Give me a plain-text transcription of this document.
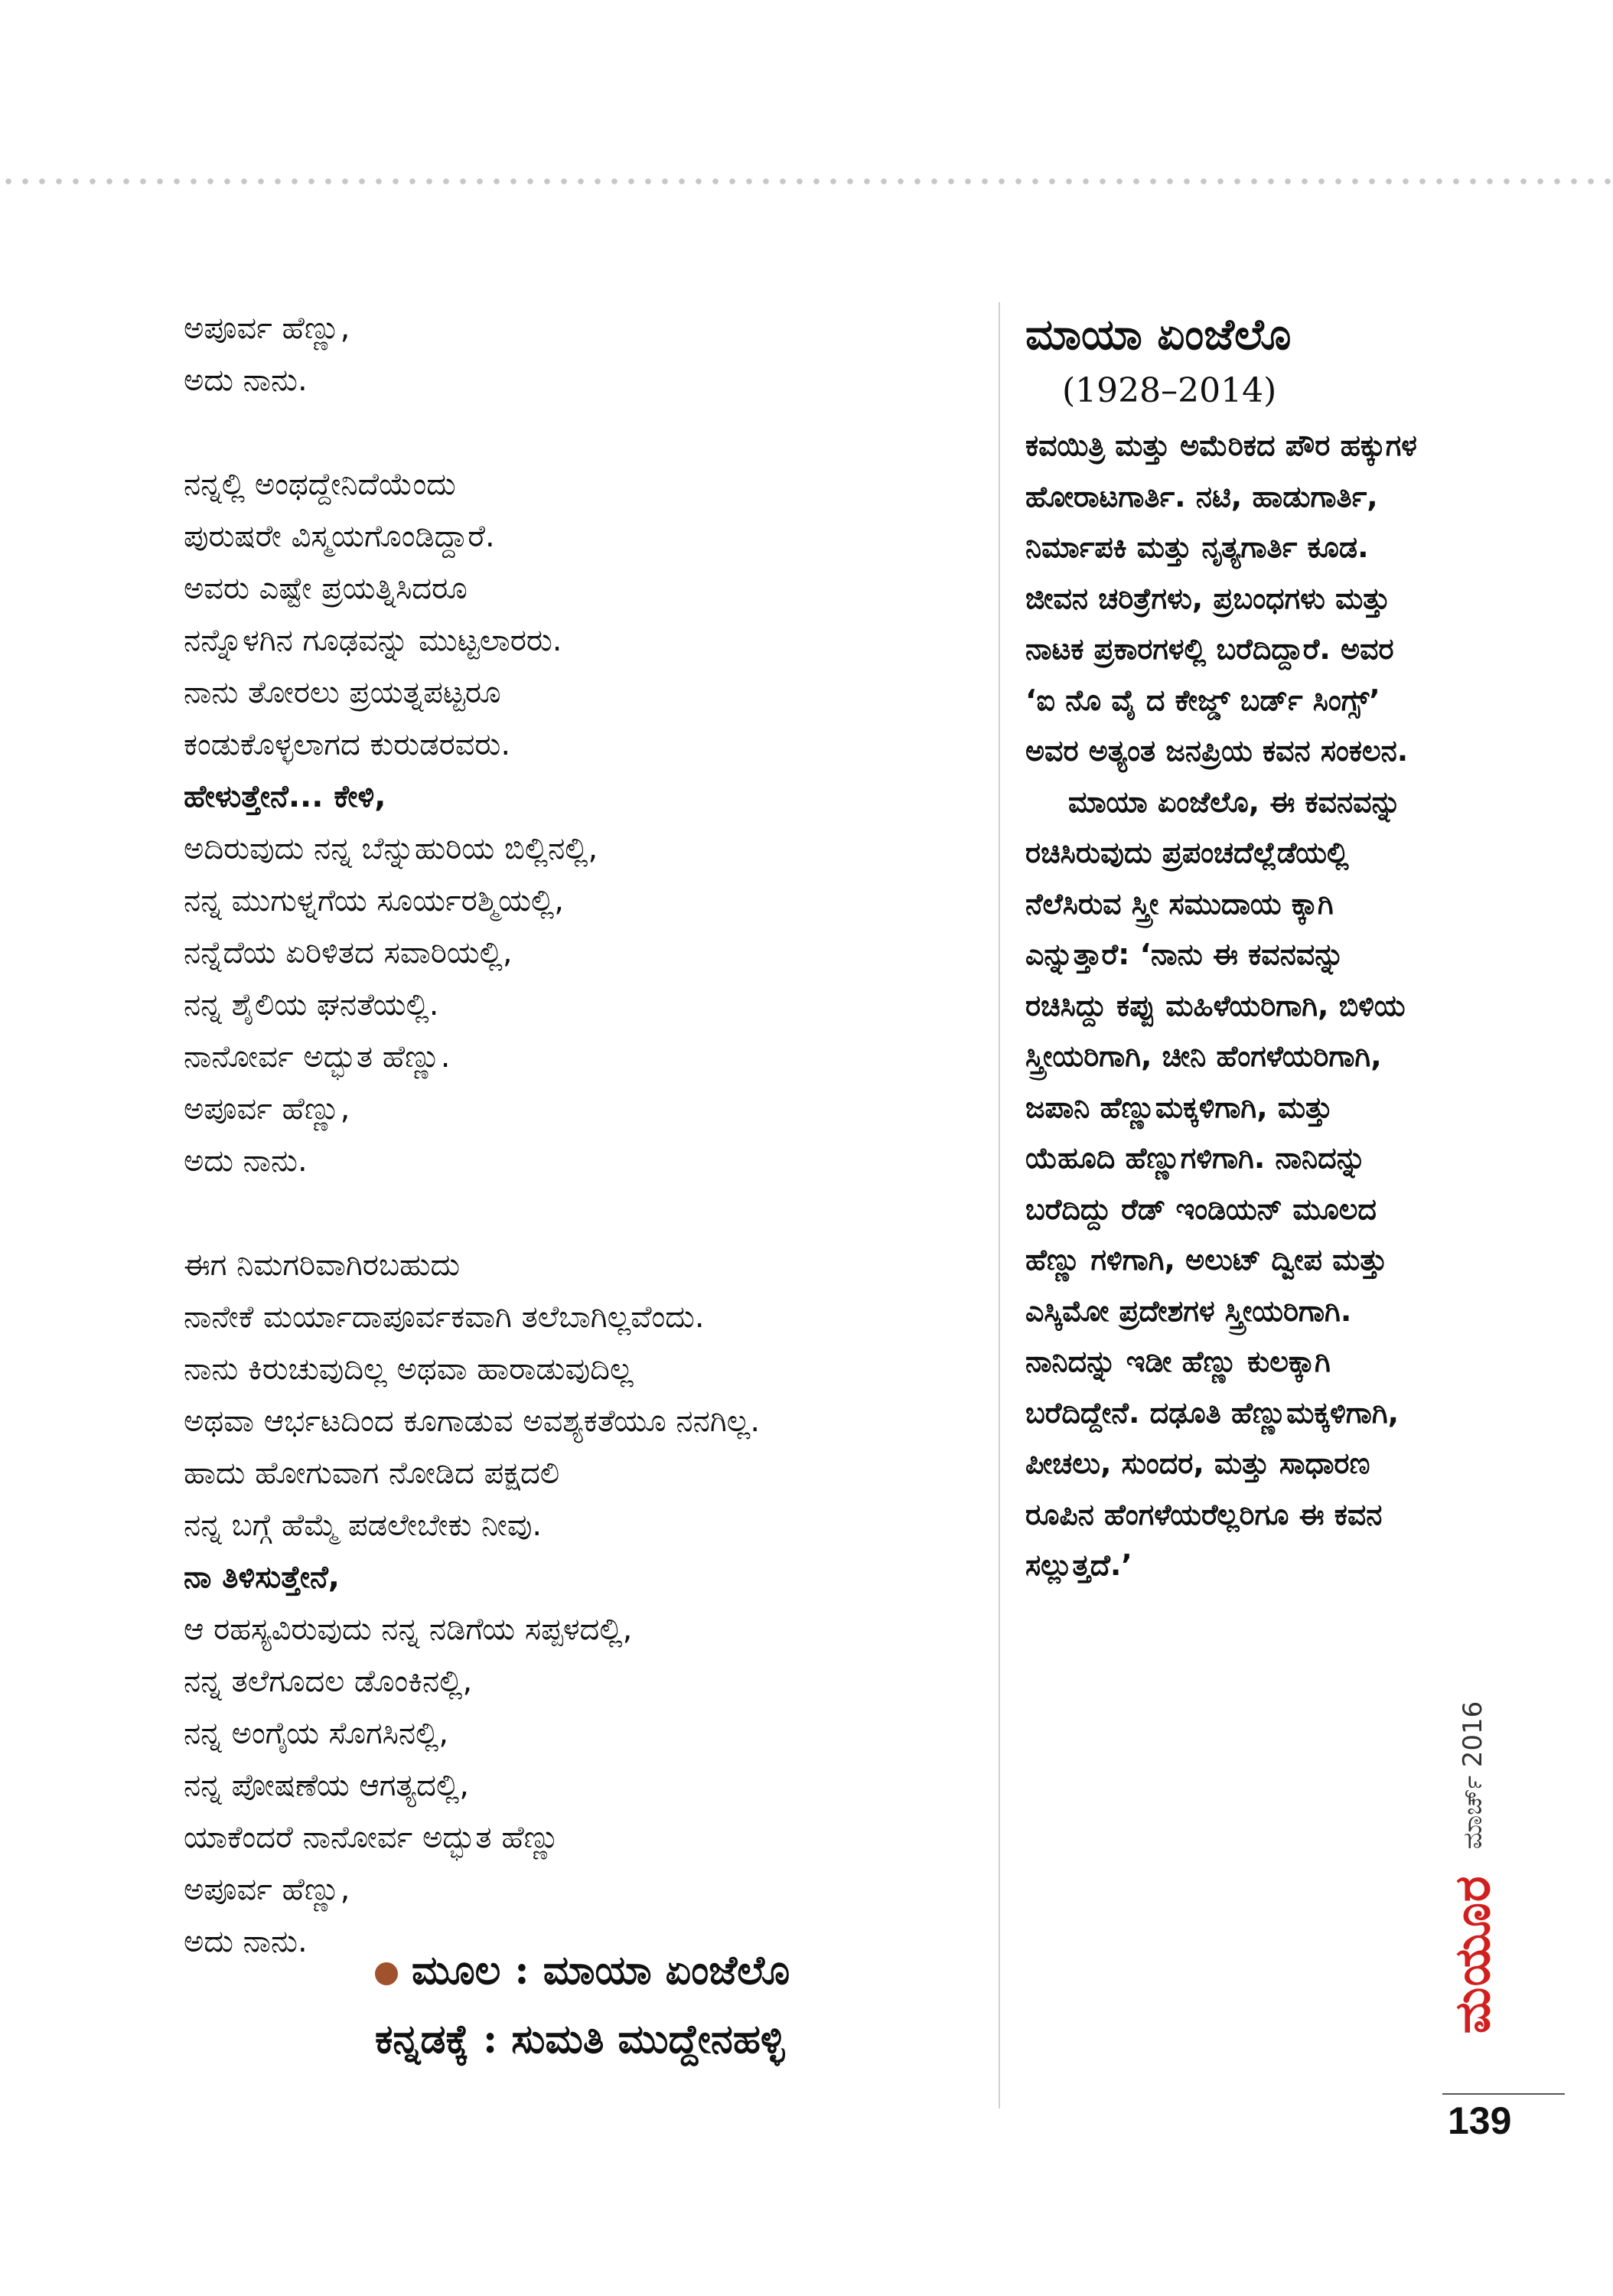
ಅಪೂರ್ವ ಹೆಣ್ಣು,
ಅದು ನಾನು.
ನನ್ನಲ್ಲಿ ಅಂಥದ್ದೇನಿದೆಯೆಂದು
ಪುರುಷರೇ ವಿಸ್ಮಯಗೊಂಡಿದ್ದಾರೆ.
ಅವರು ಎಷ್ಟೇ ಪ್ರಯತ್ನಿಸಿದರೂ
ನನ್ನೊಳಗಿನ ಗೂಢವನ್ನು ಮುಟ್ಟಲಾರರು.
ನಾನು ತೋರಲು ಪ್ರಯತ್ನಪಟ್ಟರೂ
ಕಂಡುಕೊಳ್ಳಲಾಗದ ಕುರುಡರವರು.
ಹೇಳುತ್ತೇನೆ... ಕೇಳಿ,
ಅದಿರುವುದು ನನ್ನ ಬೆನ್ನುಹುರಿಯ ಬಿಲ್ಲಿನಲ್ಲಿ,
ನನ್ನ ಮುಗುಳ್ನಗೆಯ ಸೂರ್ಯರಶ್ಮಿಯಲ್ಲಿ,
ನನ್ನೆದೆಯ ಏರಿಳಿತದ ಸವಾರಿಯಲ್ಲಿ,
ನನ್ನ ಶೈಲಿಯ ಘನತೆಯಲ್ಲಿ.
ನಾನೋರ್ವ ಅದ್ಭುತ ಹೆಣ್ಣು.
ಅಪೂರ್ವ ಹೆಣ್ಣು,
ಅದು ನಾನು.
ಈಗ ನಿಮಗರಿವಾಗಿರಬಹುದು
ನಾನೇಕೆ ಮರ್ಯಾದಾಪೂರ್ವಕವಾಗಿ ತಲೆಬಾಗಿಲ್ಲವೆಂದು.
ನಾನು ಕಿರುಚುವುದಿಲ್ಲ ಅಥವಾ ಹಾರಾಡುವುದಿಲ್ಲ
ಅಥವಾ ಆರ್ಭಟದಿಂದ ಕೂಗಾಡುವ ಅವಶ್ಯಕತೆಯೂ ನನಗಿಲ್ಲ.
ಹಾದು ಹೋಗುವಾಗ ನೋಡಿದ ಪಕ್ಷದಲಿ
ನನ್ನ ಬಗ್ಗೆ ಹೆಮ್ಮೆ ಪಡಲೇಬೇಕು ನೀವು.
ನಾ ತಿಳಿಸುತ್ತೇನೆ,
ಆ ರಹಸ್ಯವಿರುವುದು ನನ್ನ ನಡಿಗೆಯ ಸಪ್ಪಳದಲ್ಲಿ,
ನನ್ನ ತಲೆಗೂದಲ ಡೊಂಕಿನಲ್ಲಿ,
ನನ್ನ ಅಂಗೈಯ ಸೊಗಸಿನಲ್ಲಿ,
ನನ್ನ ಪೋಷಣೆಯ ಆಗತ್ಯದಲ್ಲಿ,
ಯಾಕೆಂದರೆ ನಾನೋರ್ವ ಅದ್ಭುತ ಹೆಣ್ಣು
ಅಪೂರ್ವ ಹೆಣ್ಣು,
ಅದು ನಾನು.
ಮೂಲ : ಮಾಯಾ ಏಂಜೆಲೊ
ಕನ್ನಡಕ್ಕೆ : ಸುಮತಿ ಮುದ್ದೇನಹಳ್ಳಿ
ಮಾಯಾ ಏಂಜೆಲೊ
(1928–2014)

ಕವಯಿತ್ರಿ ಮತ್ತು ಅಮೆರಿಕದ ಪೌರ ಹಕ್ಕುಗಳ ಹೋರಾಟಗಾರ್ತಿ. ನಟಿ, ಹಾಡುಗಾರ್ತಿ, ನಿರ್ಮಾಪಕಿ ಮತ್ತು ನೃತ್ಯಗಾರ್ತಿ ಕೂಡ. ಜೀವನ ಚರಿತ್ರೆಗಳು, ಪ್ರಬಂಧಗಳು ಮತ್ತು ನಾಟಕ ಪ್ರಕಾರಗಳಲ್ಲಿ ಬರೆದಿದ್ದಾರೆ. ಅವರ ‘ಐ ನೊ ವೈ ದ ಕೇಜ್ಡ್ ಬರ್ಡ್ ಸಿಂಗ್ಸ್’ ಅವರ ಅತ್ಯಂತ ಜನಪ್ರಿಯ ಕವನ ಸಂಕಲನ.

ಮಾಯಾ ಏಂಜೆಲೊ, ಈ ಕವನವನ್ನು ರಚಿಸಿರುವುದು ಪ್ರಪಂಚದೆಲ್ಲೆಡೆಯಲ್ಲಿ ನೆಲೆಸಿರುವ ಸ್ತ್ರೀ ಸಮುದಾಯ ಕ್ಕಾಗಿ ಎನ್ನುತ್ತಾರೆ: ‘ನಾನು ಈ ಕವನವನ್ನು ರಚಿಸಿದ್ದು ಕಪ್ಪು ಮಹಿಳೆಯರಿಗಾಗಿ, ಬಿಳಿಯ ಸ್ತ್ರೀಯರಿಗಾಗಿ, ಚೀನಿ ಹೆಂಗಳೆಯರಿಗಾಗಿ, ಜಪಾನಿ ಹೆಣ್ಣುಮಕ್ಕಳಿಗಾಗಿ, ಮತ್ತು ಯೆಹೂದಿ ಹೆಣ್ಣುಗಳಿಗಾಗಿ. ನಾನಿದನ್ನು ಬರೆದಿದ್ದು ರೆಡ್ ಇಂಡಿಯನ್ ಮೂಲದ ಹೆಣ್ಣು ಗಳಿಗಾಗಿ, ಅಲುಟ್ ದ್ವೀಪ ಮತ್ತು ಎಸ್ಕಿಮೋ ಪ್ರದೇಶಗಳ ಸ್ತ್ರೀಯರಿಗಾಗಿ. ನಾನಿದನ್ನು ಇಡೀ ಹೆಣ್ಣು ಕುಲಕ್ಕಾಗಿ ಬರೆದಿದ್ದೇನೆ. ದಢೂತಿ ಹೆಣ್ಣುಮಕ್ಕಳಿಗಾಗಿ, ಪೀಚಲು, ಸುಂದರ, ಮತ್ತು ಸಾಧಾರಣ ರೂಪಿನ ಹೆಂಗಳೆಯರೆಲ್ಲರಿಗೂ ಈ ಕವನ ಸಲ್ಲುತ್ತದೆ.’

ಮಯೂರ
ಮಾರ್ಚ್ 2016
139
